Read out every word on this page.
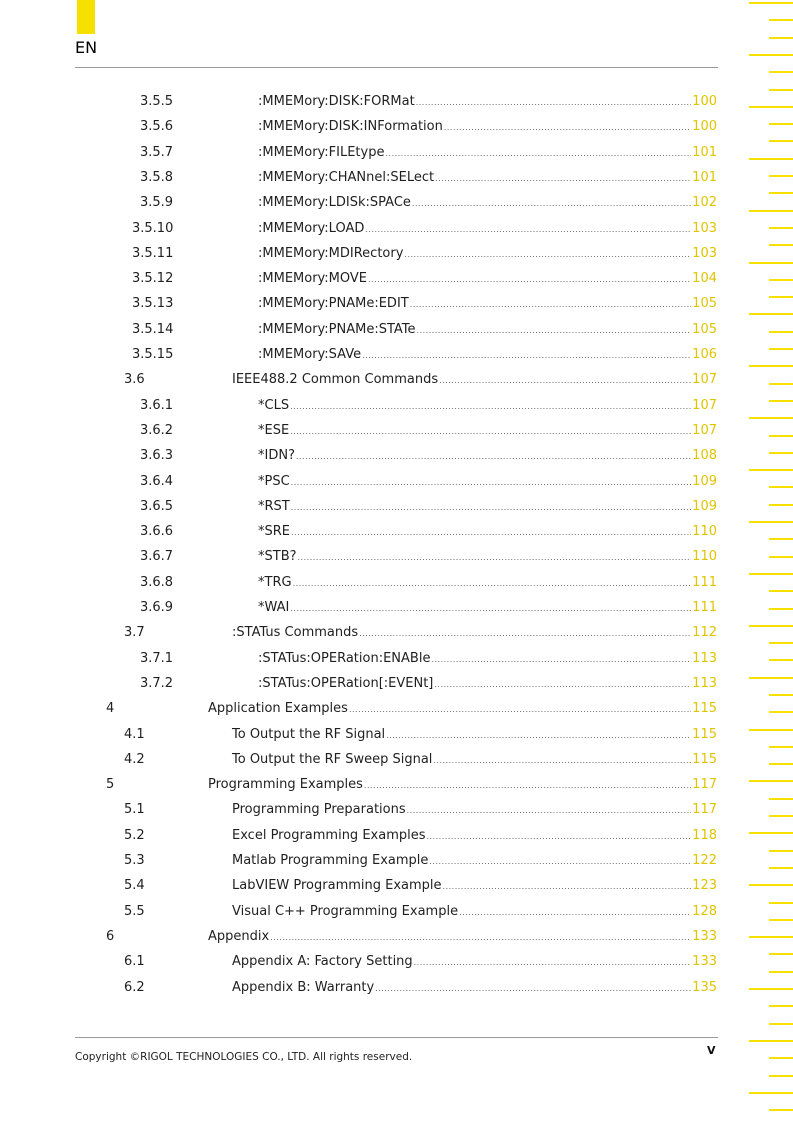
EN
3.5.5	:MMEMory:DISK:FORMat .....	100
3.5.6	:MMEMory:DISK:INFormation .....	100
3.5.7	:MMEMory:FILEtype .....	101
3.5.8	:MMEMory:CHANnel:SELect .....	101
3.5.9	:MMEMory:LDISk:SPACe .....	102
3.5.10	:MMEMory:LOAD .....	103
3.5.11	:MMEMory:MDIRectory .....	103
3.5.12	:MMEMory:MOVE .....	104
3.5.13	:MMEMory:PNAMe:EDIT .....	105
3.5.14	:MMEMory:PNAMe:STATe .....	105
3.5.15	:MMEMory:SAVe .....	106
3.6	IEEE488.2 Common Commands .....	107
3.6.1	*CLS .....	107
3.6.2	*ESE .....	107
3.6.3	*IDN? .....	108
3.6.4	*PSC .....	109
3.6.5	*RST .....	109
3.6.6	*SRE .....	110
3.6.7	*STB? .....	110
3.6.8	*TRG .....	111
3.6.9	*WAI .....	111
3.7	:STATus Commands .....	112
3.7.1	:STATus:OPERation:ENABle .....	113
3.7.2	:STATus:OPERation[:EVENt] .....	113
4	Application Examples .....	115
4.1	To Output the RF Signal .....	115
4.2	To Output the RF Sweep Signal .....	115
5	Programming Examples .....	117
5.1	Programming Preparations .....	117
5.2	Excel Programming Examples .....	118
5.3	Matlab Programming Example .....	122
5.4	LabVIEW Programming Example .....	123
5.5	Visual C++ Programming Example .....	128
6	Appendix .....	133
6.1	Appendix A: Factory Setting .....	133
6.2	Appendix B: Warranty .....	135
Copyright ©RIGOL TECHNOLOGIES CO., LTD. All rights reserved.	V
